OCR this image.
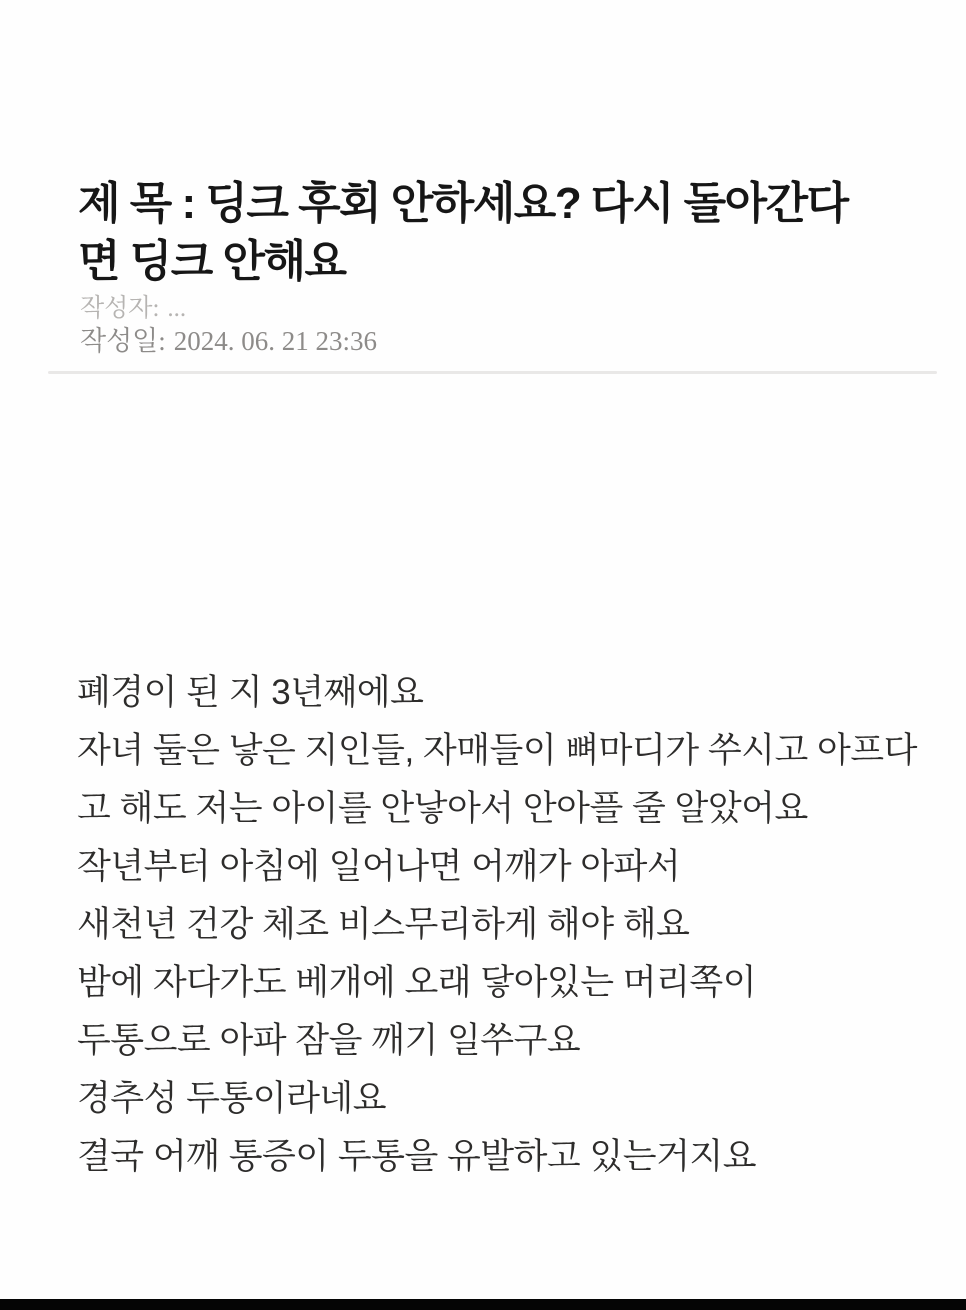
제 목 : 딩크 후회 안하세요? 다시 돌아간다
면 딩크 안해요
작성자: ...
작성일: 2024. 06. 21 23:36
폐경이 된 지 3년째에요
자녀 둘은 낳은 지인들, 자매들이 뼈마디가 쑤시고 아프다
고 해도 저는 아이를 안낳아서 안아플 줄 알았어요
작년부터 아침에 일어나면 어깨가 아파서
새천년 건강 체조 비스무리하게 해야 해요
밤에 자다가도 베개에 오래 닿아있는 머리쪽이
두통으로 아파 잠을 깨기 일쑤구요
경추성 두통이라네요
결국 어깨 통증이 두통을 유발하고 있는거지요
